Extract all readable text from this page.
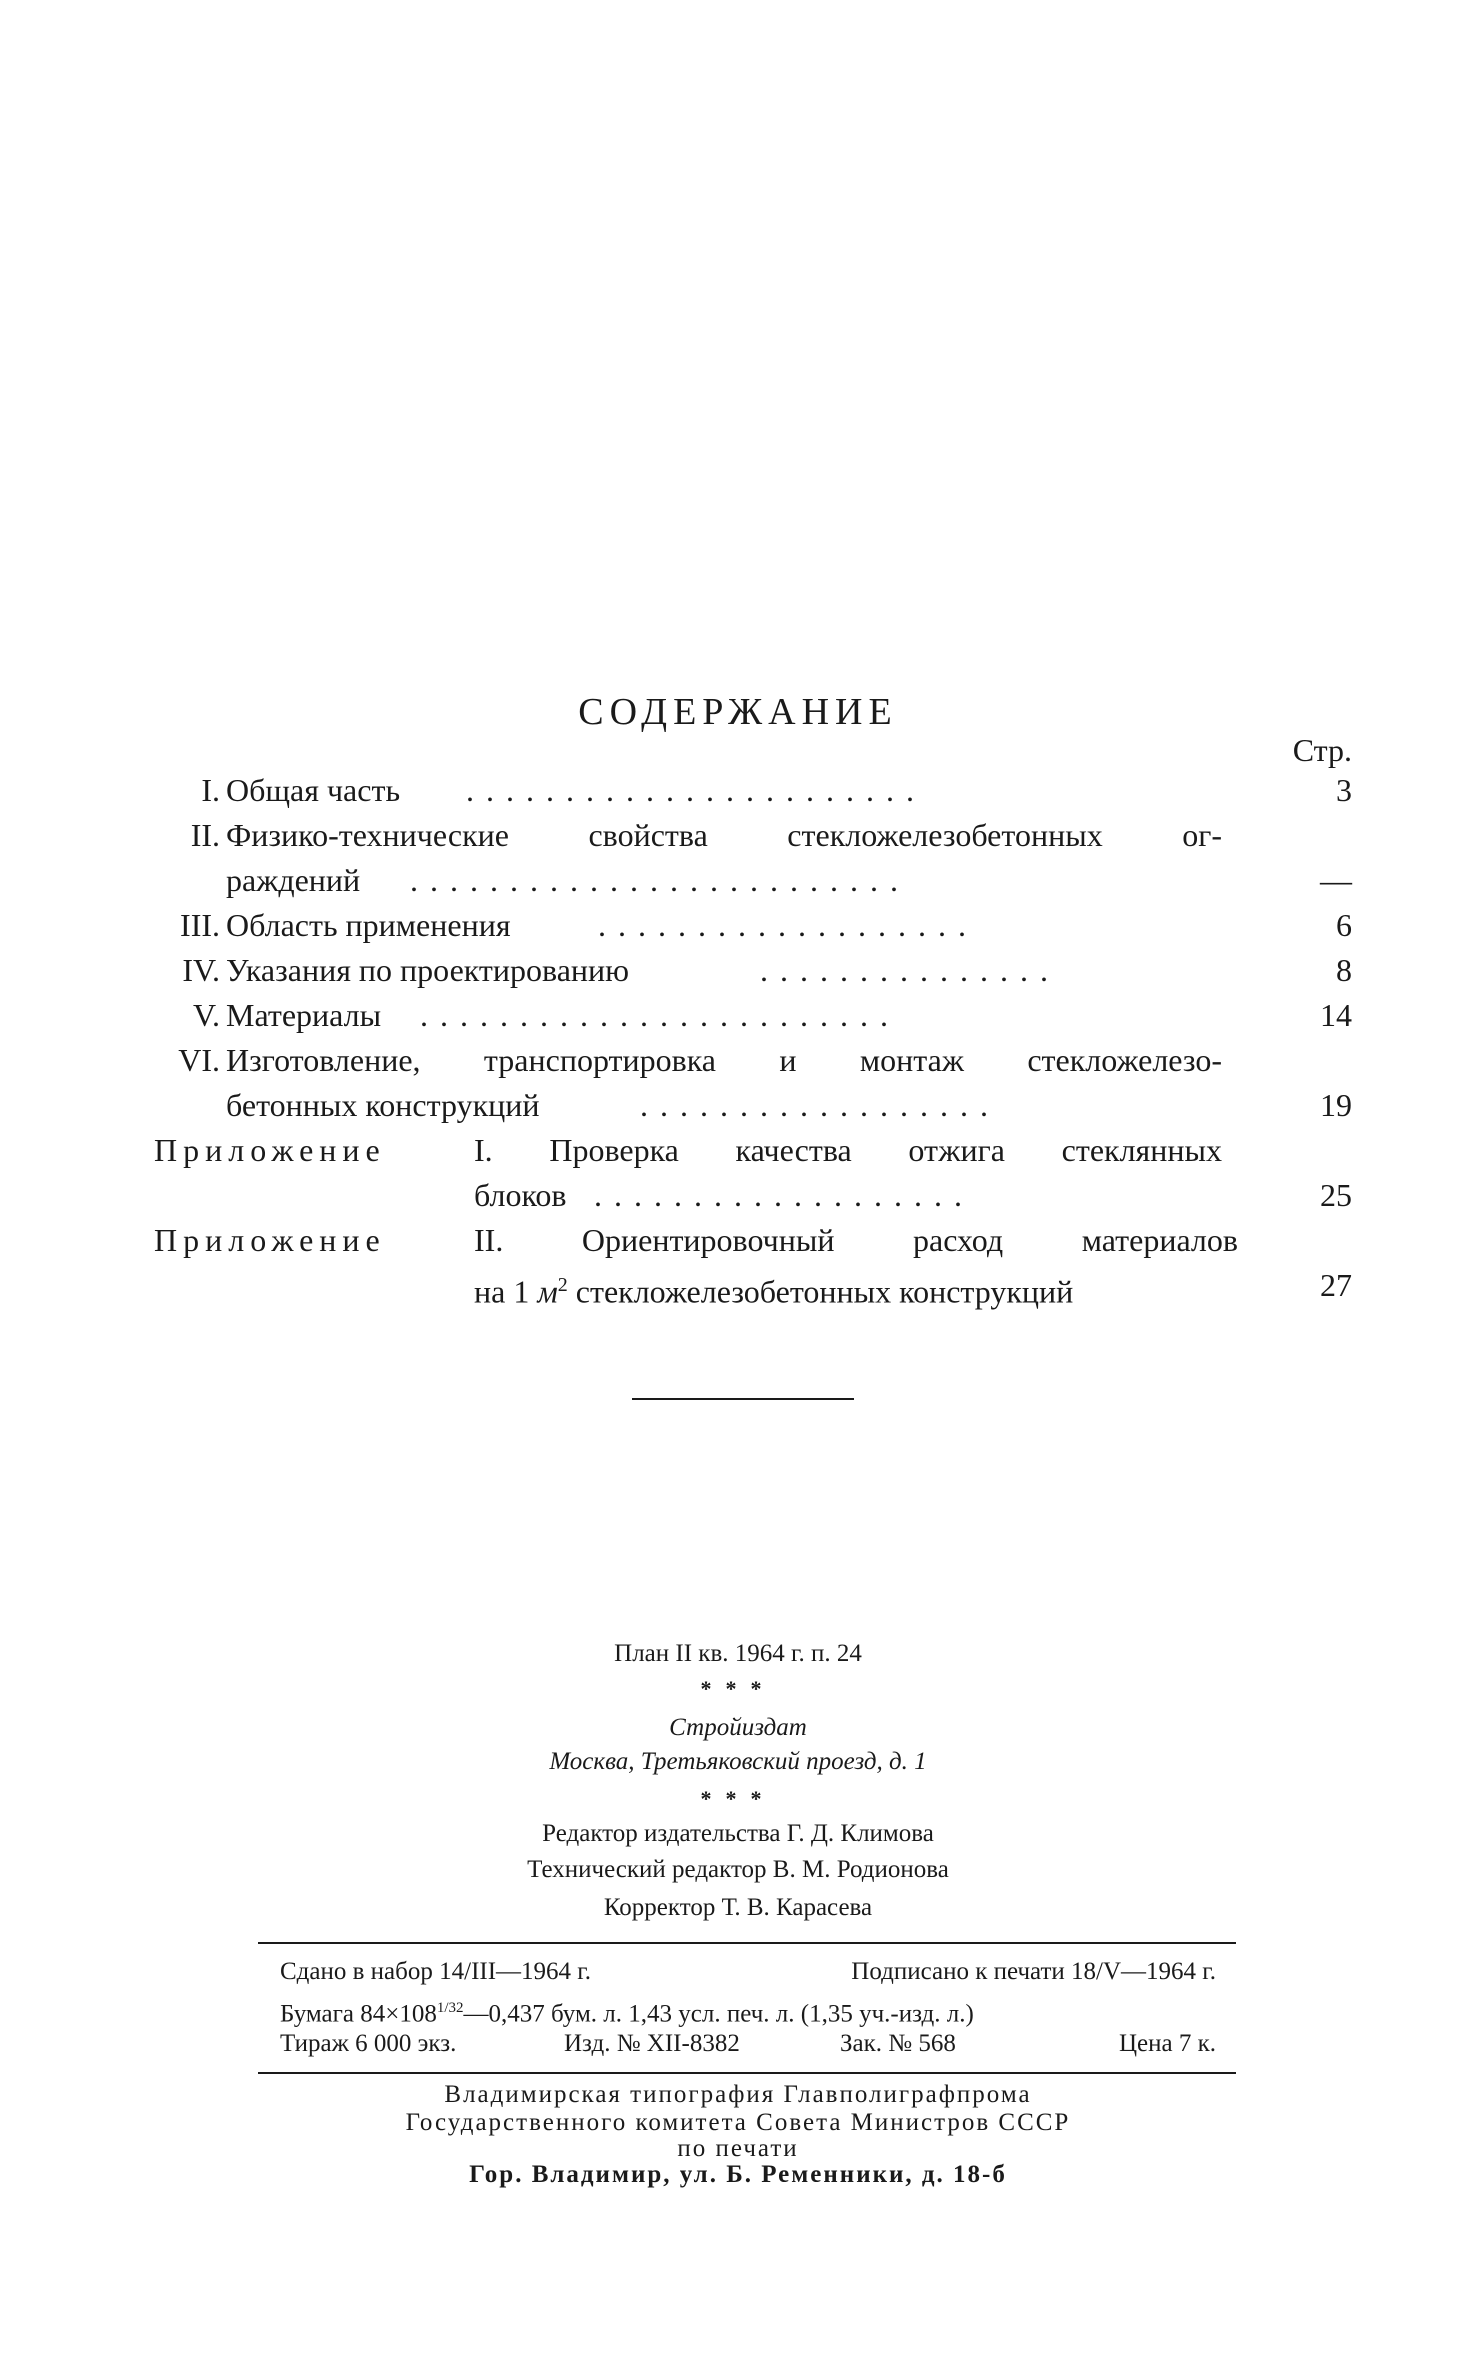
СОДЕРЖАНИЕ
Стр.
I. Общая часть .......................	3
II. Физико-технические свойства стекложелезобетонных ог-
раждений .........................	—
III. Область применения	...................	6
IV. Указания по проектированию	...............	8
V. Материалы ........................	14
VI. Изготовление, транспортировка и монтаж стекложелезо-
бетонных конструкций	..................	19
Приложение	I. Проверка качества отжига стеклянных
блоков ...................	25
Приложение	II. Ориентировочный расход материалов
на 1 $м^2$ стекложелезобетонных конструкций	27
План II кв. 1964 г. п. 24
***
Стройиздат
Москва, Третьяковский проезд, д. 1
***
Редактор издательства Г. Д. Климова
Технический редактор В. М. Родионова
Корректор Т. В. Карасева
Сдано в набор 14/III—1964 г.	Подписано к печати 18/V—1964 г.
Бумага $84\times 108^{1/32}—0,437$ бум. л. 1,43 усл. печ. л. (1,35 уч.-изд. л.)
Тираж 6 000 экз.	Изд. № XII-8382	Зак. № 568	Цена 7 к.
Владимирская типография Главполиграфпрома
Государственного комитета Совета Министров СССР
по печати
Гор. Владимир, ул. Б. Ременники, д. 18-б
